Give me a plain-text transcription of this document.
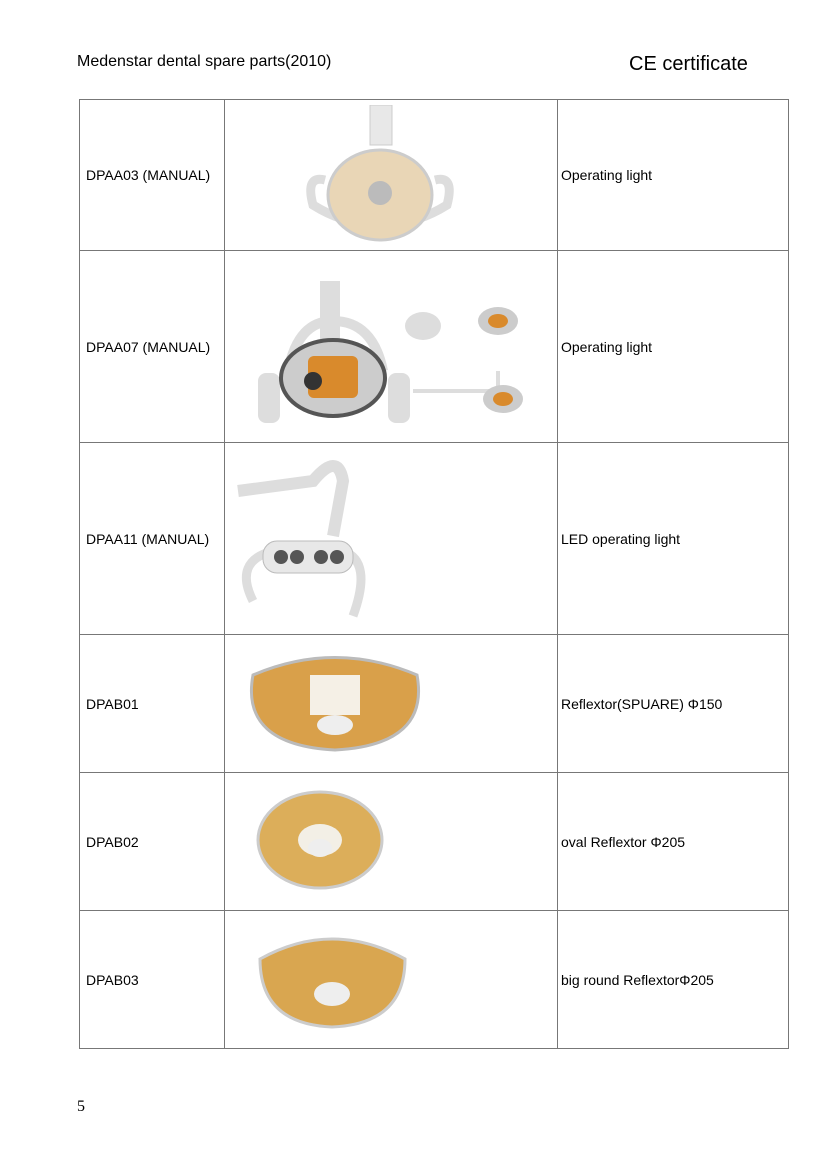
Medenstar dental spare parts(2010)	CE certificate
DPAA03 (MANUAL)	Operating light
DPAA07 (MANUAL)	Operating light
DPAA11 (MANUAL)	LED operating light
DPAB01	Reflextor(SPUARE) Φ150
DPAB02	oval Reflextor Φ205
DPAB03	big round ReflextorΦ205
5
